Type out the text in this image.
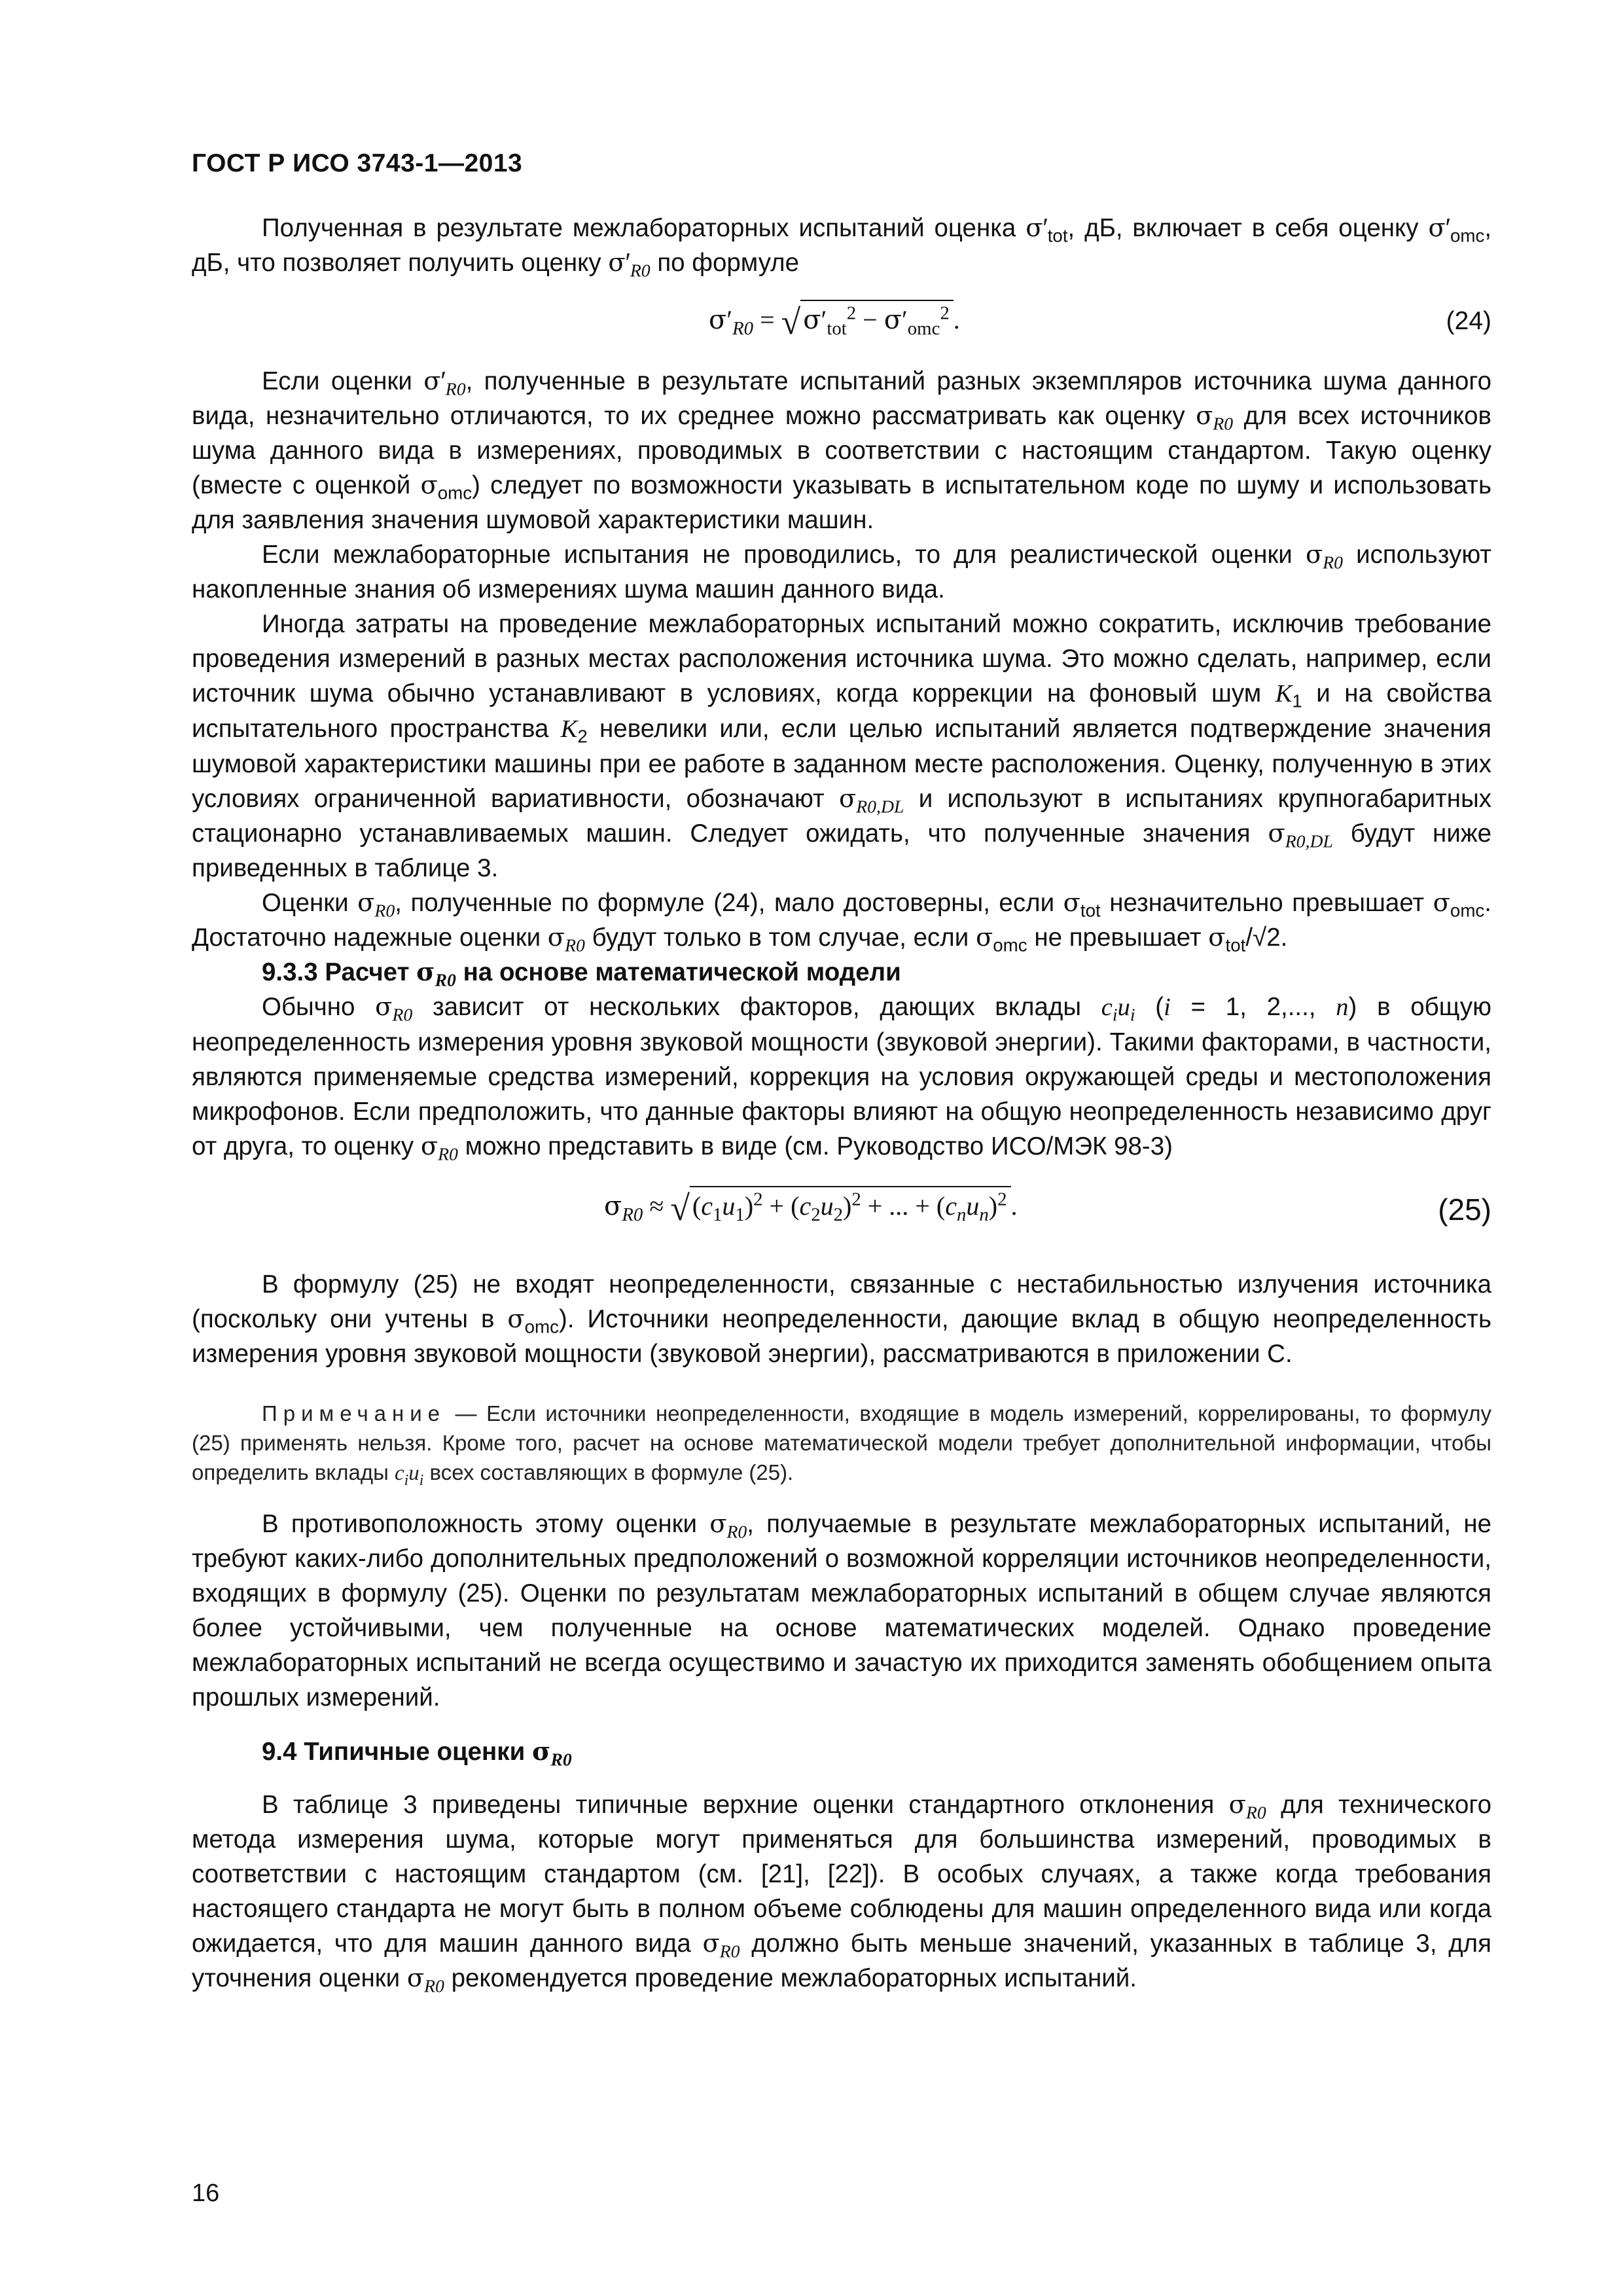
ГОСТ Р ИСО 3743-1—2013

Полученная в результате межлабораторных испытаний оценка $\sigma'_{tot}$, дБ, включает в себя оценку $\sigma'_{omc}$, дБ, что позволяет получить оценку $\sigma'_{R0}$ по формуле

$\sigma'_{R0}$ = √ $\sigma'_{tot}^2 - \sigma'_{omc}^2$ .	(24)

Если оценки $\sigma'_{R0}$, полученные в результате испытаний разных экземпляров источника шума данного вида, незначительно отличаются, то их среднее можно рассматривать как оценку $\sigma_{R0}$ для всех источников шума данного вида в измерениях, проводимых в соответствии с настоящим стандартом. Такую оценку (вместе с оценкой $\sigma_{omc}$) следует по возможности указывать в испытательном коде по шуму и использовать для заявления значения шумовой характеристики машин.

Если межлабораторные испытания не проводились, то для реалистической оценки $\sigma_{R0}$ используют накопленные знания об измерениях шума машин данного вида.

Иногда затраты на проведение межлабораторных испытаний можно сократить, исключив требование проведения измерений в разных местах расположения источника шума. Это можно сделать, например, если источник шума обычно устанавливают в условиях, когда коррекции на фоновый шум $K_1$ и на свойства испытательного пространства $K_2$ невелики или, если целью испытаний является подтверждение значения шумовой характеристики машины при ее работе в заданном месте расположения. Оценку, полученную в этих условиях ограниченной вариативности, обозначают $\sigma_{R0,DL}$ и используют в испытаниях крупногабаритных стационарно устанавливаемых машин. Следует ожидать, что полученные значения $\sigma_{R0,DL}$ будут ниже приведенных в таблице 3.

Оценки $\sigma_{R0}$, полученные по формуле (24), мало достоверны, если $\sigma_{tot}$ незначительно превышает $\sigma_{omc}$. Достаточно надежные оценки $\sigma_{R0}$ будут только в том случае, если $\sigma_{omc}$ не превышает $\sigma_{tot}/√2$.

9.3.3 Расчет $\sigma_{R0}$ на основе математической модели

Обычно $\sigma_{R0}$ зависит от нескольких факторов, дающих вклады $c_iu_i$ (i = 1, 2,..., n) в общую неопределенность измерения уровня звуковой мощности (звуковой энергии). Такими факторами, в частности, являются применяемые средства измерений, коррекция на условия окружающей среды и местоположения микрофонов. Если предположить, что данные факторы влияют на общую неопределенность независимо друг от друга, то оценку $\sigma_{R0}$ можно представить в виде (см. Руководство ИСО/МЭК 98-3)

$\sigma_{R0}$ ≈ √ $(c_1u_1)^2 + (c_2u_2)^2$ + ... + $(c_nu_n)^2$ .	(25)

В формулу (25) не входят неопределенности, связанные с нестабильностью излучения источника (поскольку они учтены в $\sigma_{omc}$). Источники неопределенности, дающие вклад в общую неопределенность измерения уровня звуковой мощности (звуковой энергии), рассматриваются в приложении С.

Примечание — Если источники неопределенности, входящие в модель измерений, коррелированы, то формулу (25) применять нельзя. Кроме того, расчет на основе математической модели требует дополнительной информации, чтобы определить вклады $c_iu_i$ всех составляющих в формуле (25).

В противоположность этому оценки $\sigma_{R0}$, получаемые в результате межлабораторных испытаний, не требуют каких-либо дополнительных предположений о возможной корреляции источников неопределенности, входящих в формулу (25). Оценки по результатам межлабораторных испытаний в общем случае являются более устойчивыми, чем полученные на основе математических моделей. Однако проведение межлабораторных испытаний не всегда осуществимо и зачастую их приходится заменять обобщением опыта прошлых измерений.

9.4 Типичные оценки $\sigma_{R0}$

В таблице 3 приведены типичные верхние оценки стандартного отклонения $\sigma_{R0}$ для технического метода измерения шума, которые могут применяться для большинства измерений, проводимых в соответствии с настоящим стандартом (см. [21], [22]). В особых случаях, а также когда требования настоящего стандарта не могут быть в полном объеме соблюдены для машин определенного вида или когда ожидается, что для машин данного вида $\sigma_{R0}$ должно быть меньше значений, указанных в таблице 3, для уточнения оценки $\sigma_{R0}$ рекомендуется проведение межлабораторных испытаний.

16
